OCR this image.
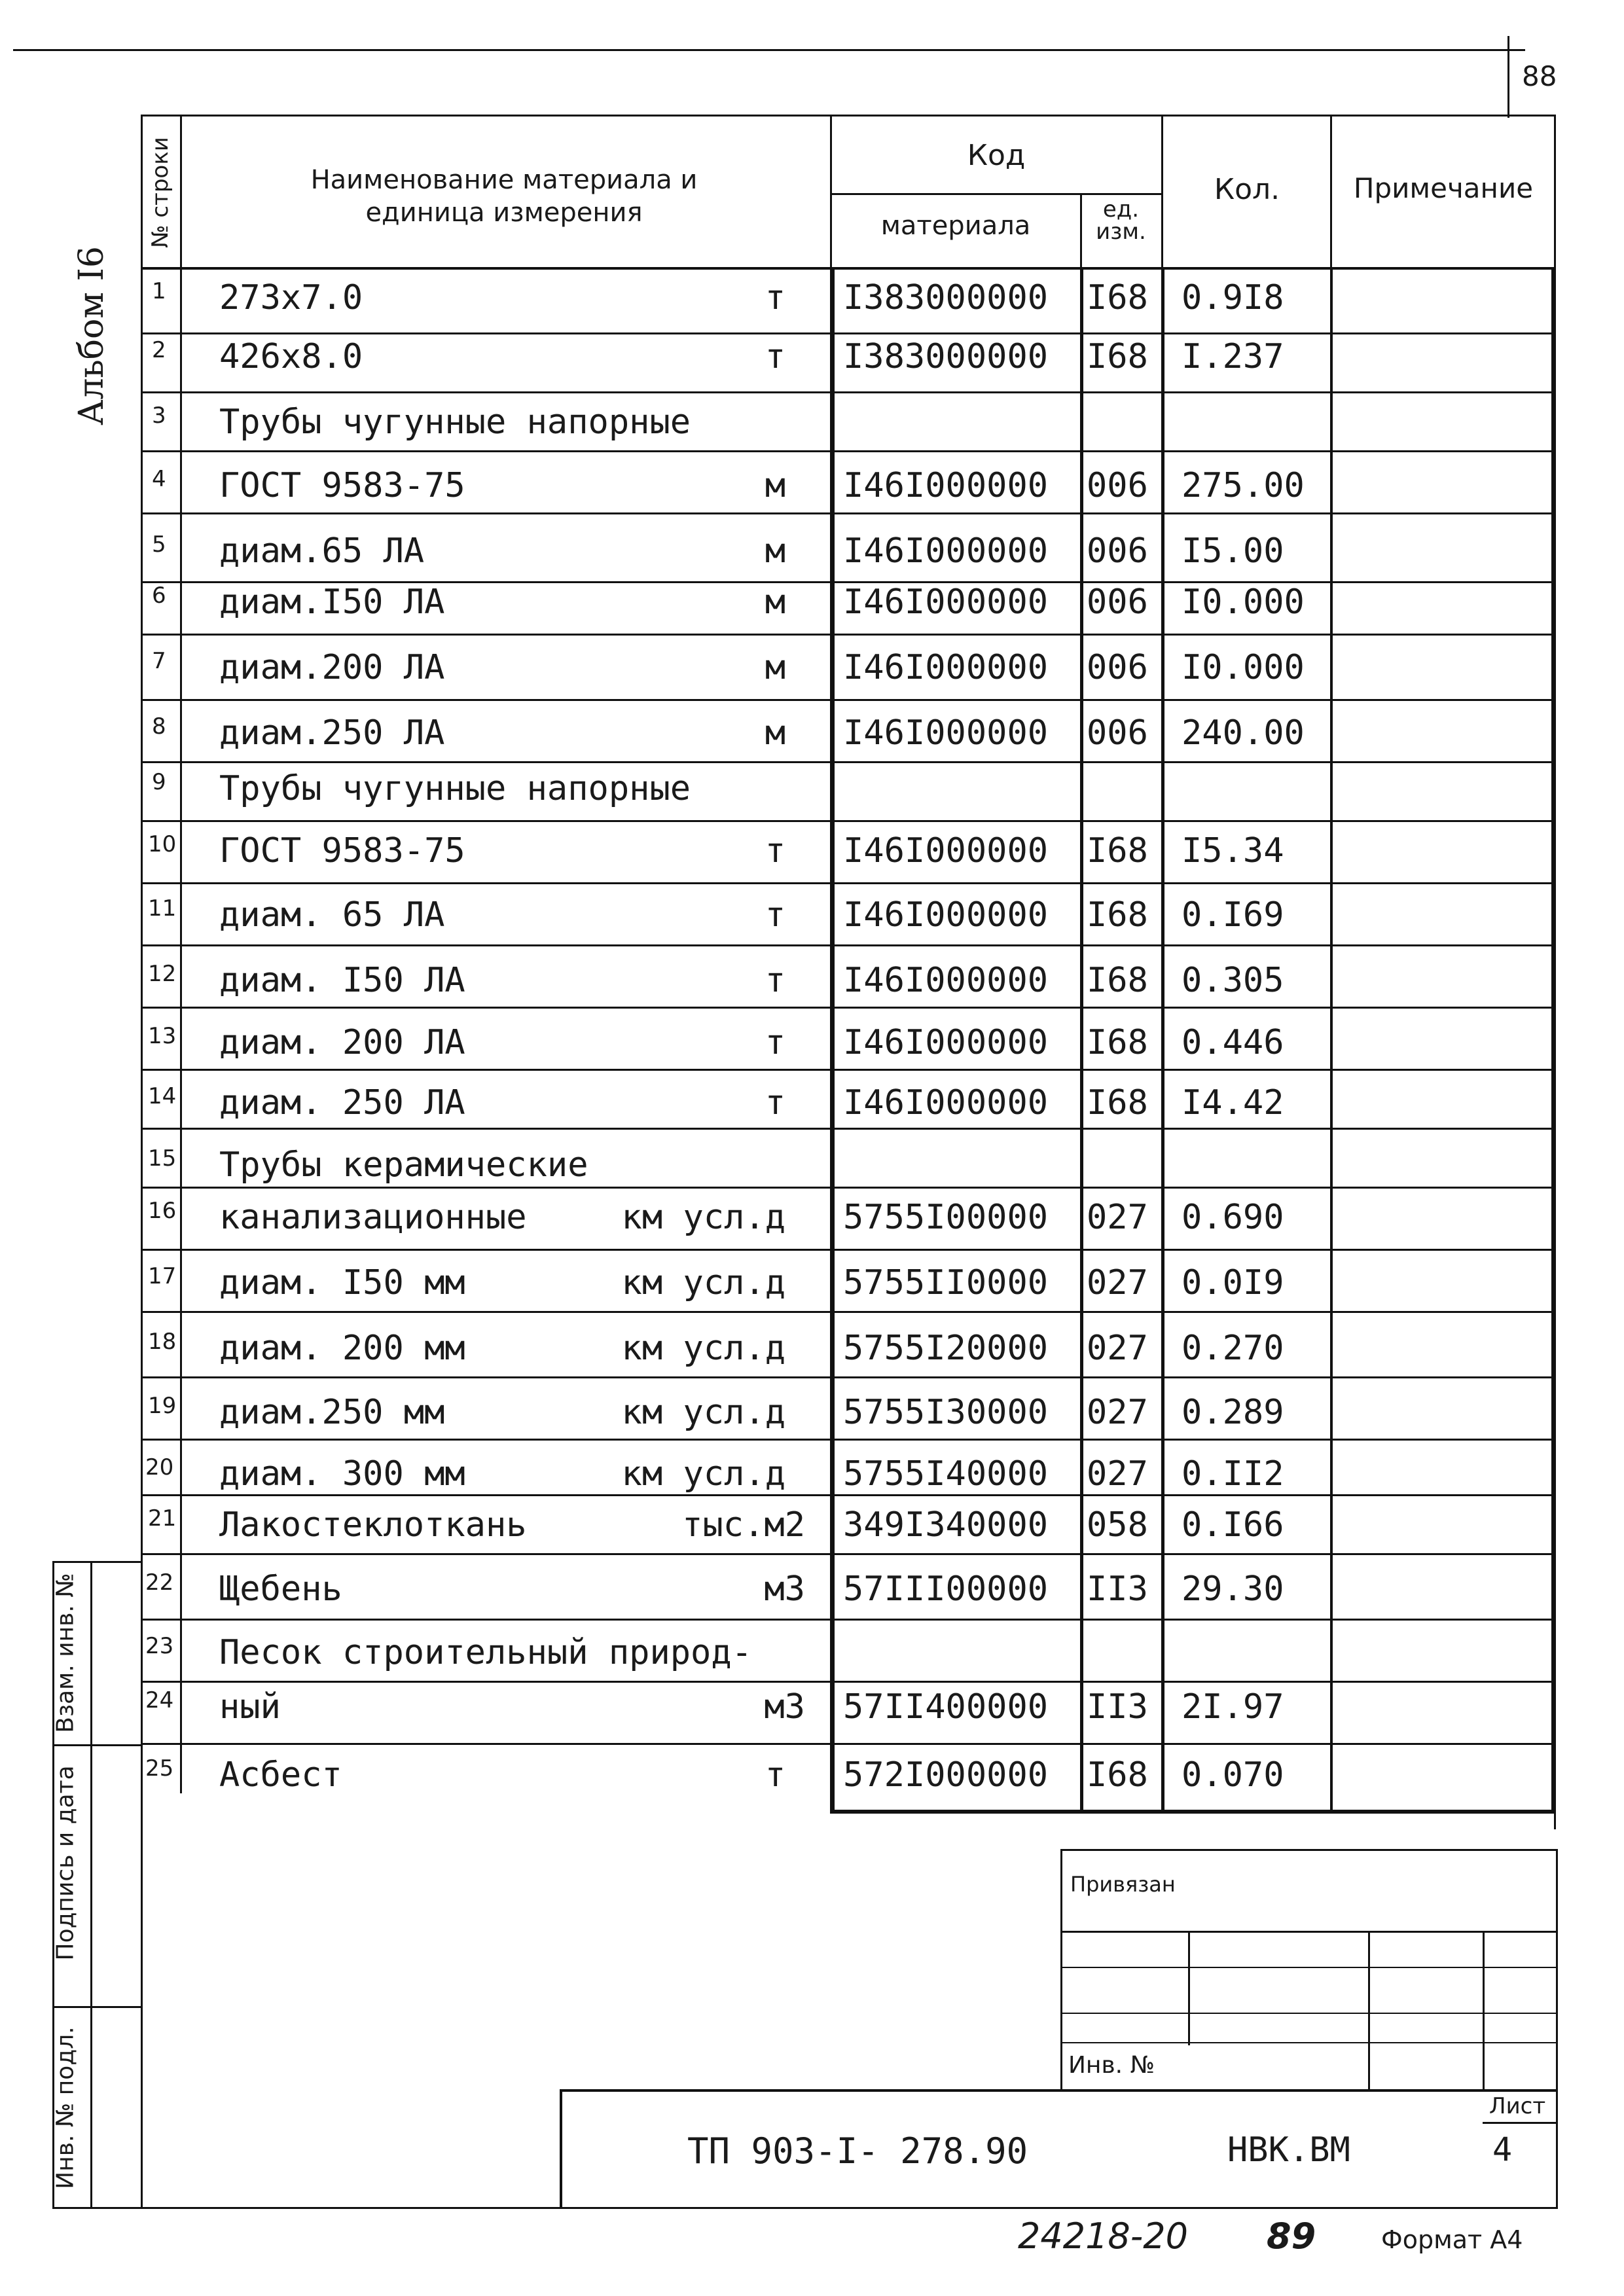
88
Альбом I6
№ строки	Наименование материала и единица измерения
Код
материала
ед. изм.
Кол.	Примечание
1 273x7.0	т I383000000 I68 0.9I8
2 426x8.0	т I383000000 I68 I.237
3 Трубы чугунные напорные
4 ГОСТ 9583-75	м I46I000000 006 275.00
5 диам.65 ЛА	м I46I000000 006 I5.00
6 диам.I50 ЛА	м I46I000000 006 I0.000
7 диам.200 ЛА	м I46I000000 006 I0.000
8 диам.250 ЛА	м I46I000000 006 240.00
9 Трубы чугунные напорные
10 ГОСТ 9583-75	т I46I000000 I68 I5.34
11 диам. 65 ЛА	т I46I000000 I68 0.I69
12 диам. I50 ЛА	т I46I000000 I68 0.305
13 диам. 200 ЛА	т I46I000000 I68 0.446
14 диам. 250 ЛА	т I46I000000 I68 I4.42
15 Трубы керамические
16 канализационные	км усл.д 5755I00000 027 0.690
17 диам. I50 мм	км усл.д 5755II0000 027 0.0I9
18 диам. 200 мм	км усл.д 5755I20000 027 0.270
19 диам.250 мм	км усл.д 5755I30000 027 0.289
20 диам. 300 мм	км усл.д 5755I40000 027 0.II2
21 Лакостеклоткань	тыс.м2 349I340000 058 0.I66
22 Щебень	м3 57III00000 II3 29.30
23 Песок строительный природ-
24 ный	м3 57II400000 II3 2I.97
25 Асбест	т 572I000000 I68 0.070
Взам. инв. №
Подпись и дата
Инв. № подл.
Привязан
Инв. №
ТП 903-I- 278.90	НВК.ВМ
Лист
4
24218-20 89	Формат А4
